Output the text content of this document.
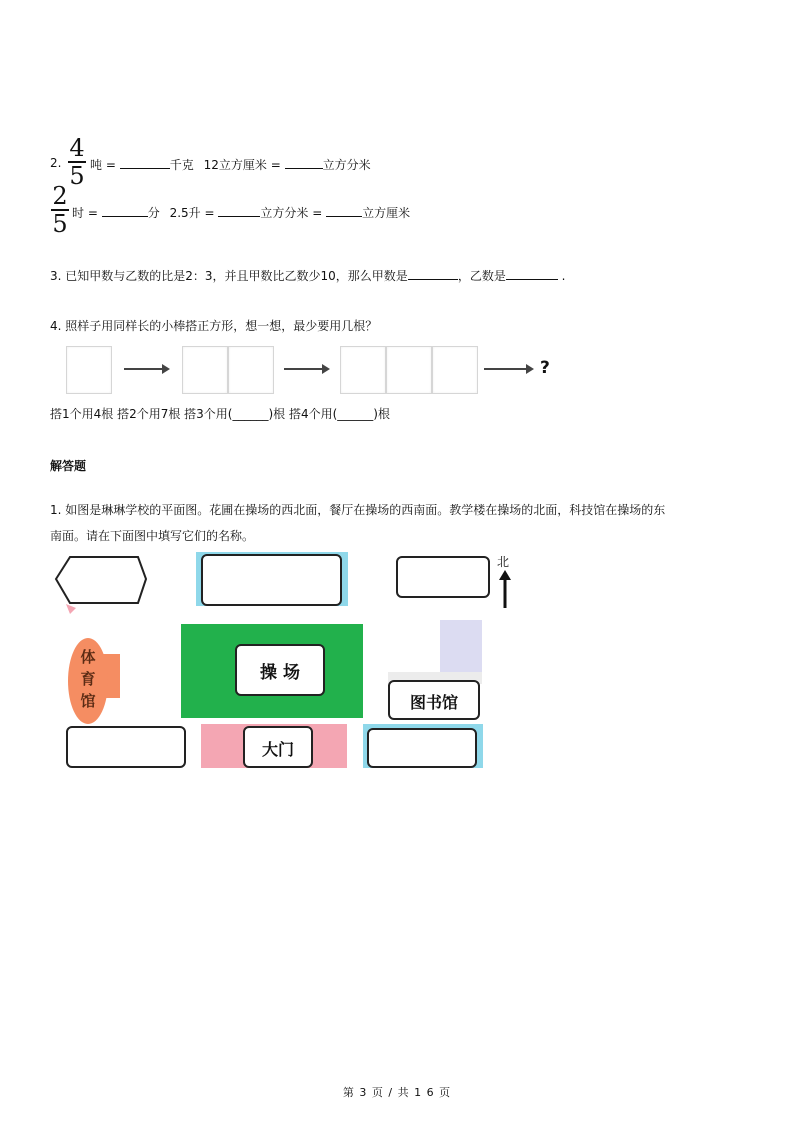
2.
4
5 吨 =	千克 12立方厘米 =	立方分米
2
5 时 =	分 2.5升 =	立方分米 =	立方厘米
3. 已知甲数与乙数的比是2：3，并且甲数比乙数少10，那么甲数是	，乙数是	.
4. 照样子用同样长的小棒搭正方形，想一想，最少要用几根？
?
搭1个用4根 搭2个用7根 搭3个用(______)根 搭4个用(______)根
解答题
1. 如图是琳琳学校的平面图。花圃在操场的西北面，餐厅在操场的西南面。教学楼在操场的北面，科技馆在操场的东
南面。请在下面图中填写它们的名称。
北
体
育
馆
操 场
图书馆
大门
第 3 页 / 共 1 6 页
